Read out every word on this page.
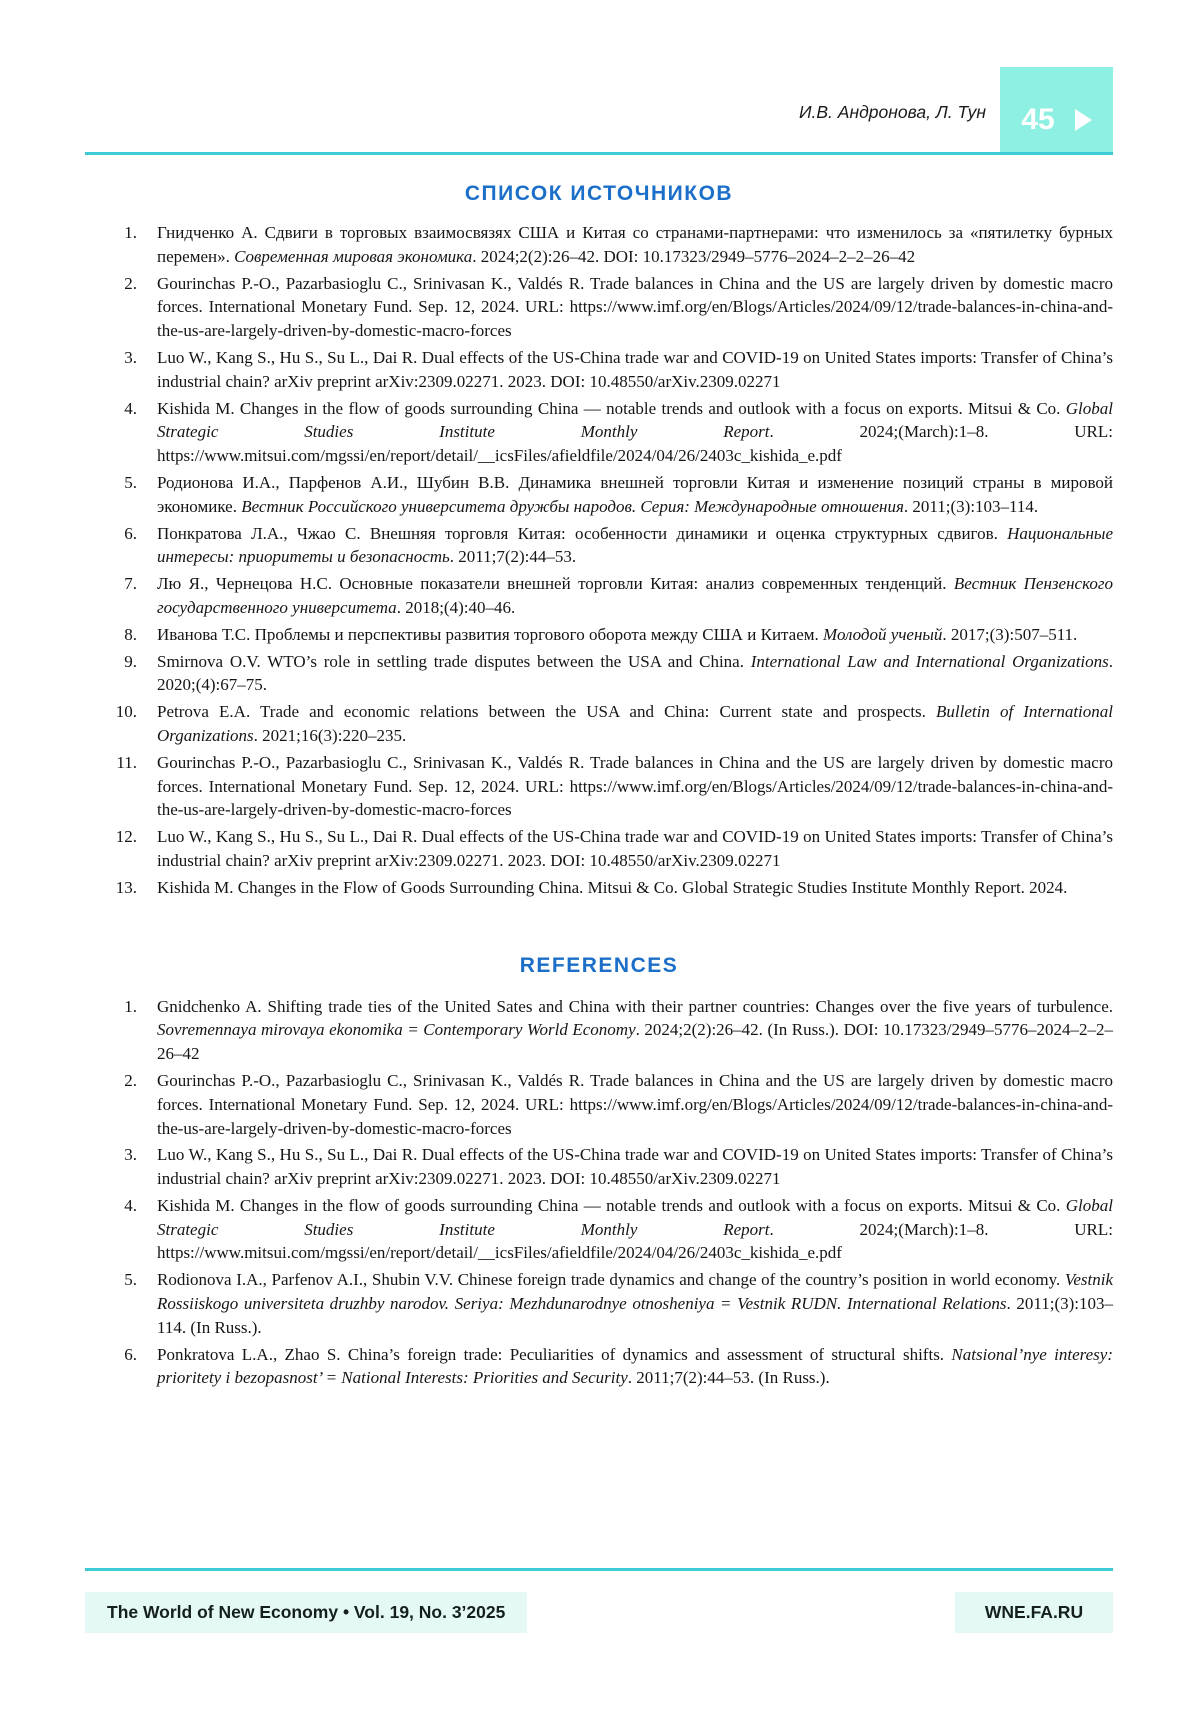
И.В. Андронова, Л. Тун 45
СПИСОК ИСТОЧНИКОВ
Гнидченко А. Сдвиги в торговых взаимосвязях США и Китая со странами-партнерами: что изменилось за «пятилетку бурных перемен». Современная мировая экономика. 2024;2(2):26–42. DOI: 10.17323/2949–5776–2024–2–2–26–42
Gourinchas P.-O., Pazarbasioglu C., Srinivasan K., Valdés R. Trade balances in China and the US are largely driven by domestic macro forces. International Monetary Fund. Sep. 12, 2024. URL: https://www.imf.org/en/Blogs/Articles/2024/09/12/trade-balances-in-china-and-the-us-are-largely-driven-by-domestic-macro-forces
Luo W., Kang S., Hu S., Su L., Dai R. Dual effects of the US-China trade war and COVID-19 on United States imports: Transfer of China’s industrial chain? arXiv preprint arXiv:2309.02271. 2023. DOI: 10.48550/arXiv.2309.02271
Kishida M. Changes in the flow of goods surrounding China — notable trends and outlook with a focus on exports. Mitsui & Co. Global Strategic Studies Institute Monthly Report. 2024;(March):1–8. URL: https://www.mitsui.com/mgssi/en/report/detail/__icsFiles/afieldfile/2024/04/26/2403c_kishida_e.pdf
Родионова И.А., Парфенов А.И., Шубин В.В. Динамика внешней торговли Китая и изменение позиций страны в мировой экономике. Вестник Российского университета дружбы народов. Серия: Международные отношения. 2011;(3):103–114.
Понкратова Л.А., Чжао С. Внешняя торговля Китая: особенности динамики и оценка структурных сдвигов. Национальные интересы: приоритеты и безопасность. 2011;7(2):44–53.
Лю Я., Чернецова Н.С. Основные показатели внешней торговли Китая: анализ современных тенденций. Вестник Пензенского государственного университета. 2018;(4):40–46.
Иванова Т.С. Проблемы и перспективы развития торгового оборота между США и Китаем. Молодой ученый. 2017;(3):507–511.
Smirnova O.V. WTO’s role in settling trade disputes between the USA and China. International Law and International Organizations. 2020;(4):67–75.
Petrova E.A. Trade and economic relations between the USA and China: Current state and prospects. Bulletin of International Organizations. 2021;16(3):220–235.
Gourinchas P.-O., Pazarbasioglu C., Srinivasan K., Valdés R. Trade balances in China and the US are largely driven by domestic macro forces. International Monetary Fund. Sep. 12, 2024. URL: https://www.imf.org/en/Blogs/Articles/2024/09/12/trade-balances-in-china-and-the-us-are-largely-driven-by-domestic-macro-forces
Luo W., Kang S., Hu S., Su L., Dai R. Dual effects of the US-China trade war and COVID-19 on United States imports: Transfer of China’s industrial chain? arXiv preprint arXiv:2309.02271. 2023. DOI: 10.48550/arXiv.2309.02271
Kishida M. Changes in the Flow of Goods Surrounding China. Mitsui & Co. Global Strategic Studies Institute Monthly Report. 2024.
REFERENCES
Gnidchenko A. Shifting trade ties of the United Sates and China with their partner countries: Changes over the five years of turbulence. Sovremennaya mirovaya ekonomika = Contemporary World Economy. 2024;2(2):26–42. (In Russ.). DOI: 10.17323/2949–5776–2024–2–2–26–42
Gourinchas P.-O., Pazarbasioglu C., Srinivasan K., Valdés R. Trade balances in China and the US are largely driven by domestic macro forces. International Monetary Fund. Sep. 12, 2024. URL: https://www.imf.org/en/Blogs/Articles/2024/09/12/trade-balances-in-china-and-the-us-are-largely-driven-by-domestic-macro-forces
Luo W., Kang S., Hu S., Su L., Dai R. Dual effects of the US-China trade war and COVID-19 on United States imports: Transfer of China’s industrial chain? arXiv preprint arXiv:2309.02271. 2023. DOI: 10.48550/arXiv.2309.02271
Kishida M. Changes in the flow of goods surrounding China — notable trends and outlook with a focus on exports. Mitsui & Co. Global Strategic Studies Institute Monthly Report. 2024;(March):1–8. URL: https://www.mitsui.com/mgssi/en/report/detail/__icsFiles/afieldfile/2024/04/26/2403c_kishida_e.pdf
Rodionova I.A., Parfenov A.I., Shubin V.V. Chinese foreign trade dynamics and change of the country’s position in world economy. Vestnik Rossiiskogo universiteta druzhby narodov. Seriya: Mezhdunarodnye otnosheniya = Vestnik RUDN. International Relations. 2011;(3):103–114. (In Russ.).
Ponkratova L.A., Zhao S. China’s foreign trade: Peculiarities of dynamics and assessment of structural shifts. Natsional’nye interesy: prioritety i bezopasnost’ = National Interests: Priorities and Security. 2011;7(2):44–53. (In Russ.).
The World of New Economy • Vol. 19, No. 3’2025	WNE.FA.RU
